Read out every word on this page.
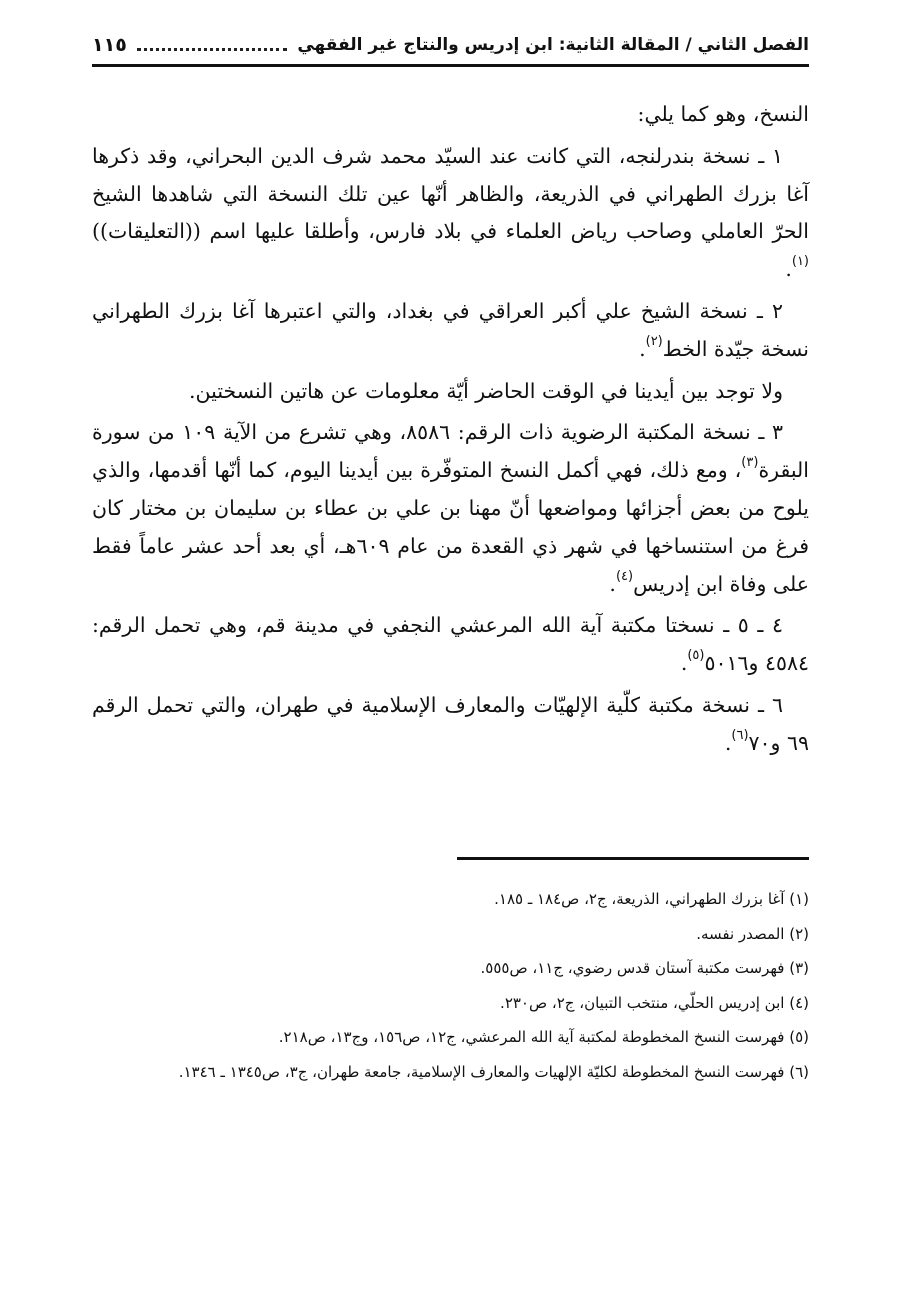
الفصل الثاني / المقالة الثانية: ابن إدريس والنتاج غير الفقهي
١١٥

النسخ، وهو كما يلي:

١ ـ نسخة بندرلنجه، التي كانت عند السيّد محمد شرف الدين البحراني، وقد ذكرها آغا بزرك الطهراني في الذريعة، والظاهر أنّها عين تلك النسخة التي شاهدها الشيخ الحرّ العاملي وصاحب رياض العلماء في بلاد فارس، وأطلقا عليها اسم ((التعليقات))$^{(١)}$.

٢ ـ نسخة الشيخ علي أكبر العراقي في بغداد، والتي اعتبرها آغا بزرك الطهراني نسخة جيّدة الخط$^{(٢)}$.

ولا توجد بين أيدينا في الوقت الحاضر أيّة معلومات عن هاتين النسختين.

٣ ـ نسخة المكتبة الرضوية ذات الرقم: ٨٥٨٦، وهي تشرع من الآية ١٠٩ من سورة البقرة$^{(٣)}$، ومع ذلك، فهي أكمل النسخ المتوفّرة بين أيدينا اليوم، كما أنّها أقدمها، والذي يلوح من بعض أجزائها ومواضعها أنّ مهنا بن علي بن عطاء بن سليمان بن مختار كان فرغ من استنساخها في شهر ذي القعدة من عام ٦٠٩هـ، أي بعد أحد عشر عاماً فقط على وفاة ابن إدريس$^{(٤)}$.

٤ ـ ٥ ـ نسختا مكتبة آية الله المرعشي النجفي في مدينة قم، وهي تحمل الرقم: ٤٥٨٤ و٥٠١٦$^{(٥)}$.

٦ ـ نسخة مكتبة كلّية الإلهيّات والمعارف الإسلامية في طهران، والتي تحمل الرقم ٦٩ و٧٠$^{(٦)}$.

(١) آغا بزرك الطهراني، الذريعة، ج٢، ص١٨٤ ـ ١٨٥.

(٢) المصدر نفسه.

(٣) فهرست مكتبة آستان قدس رضوي، ج١١، ص٥٥٥.

(٤) ابن إدريس الحلّي، منتخب التبيان، ج٢، ص٢٣٠.

(٥) فهرست النسخ المخطوطة لمكتبة آية الله المرعشي، ج١٢، ص١٥٦، وج١٣، ص٢١٨.

(٦) فهرست النسخ المخطوطة لكليّة الإلهيات والمعارف الإسلامية، جامعة طهران، ج٣، ص١٣٤٥ ـ ١٣٤٦.
